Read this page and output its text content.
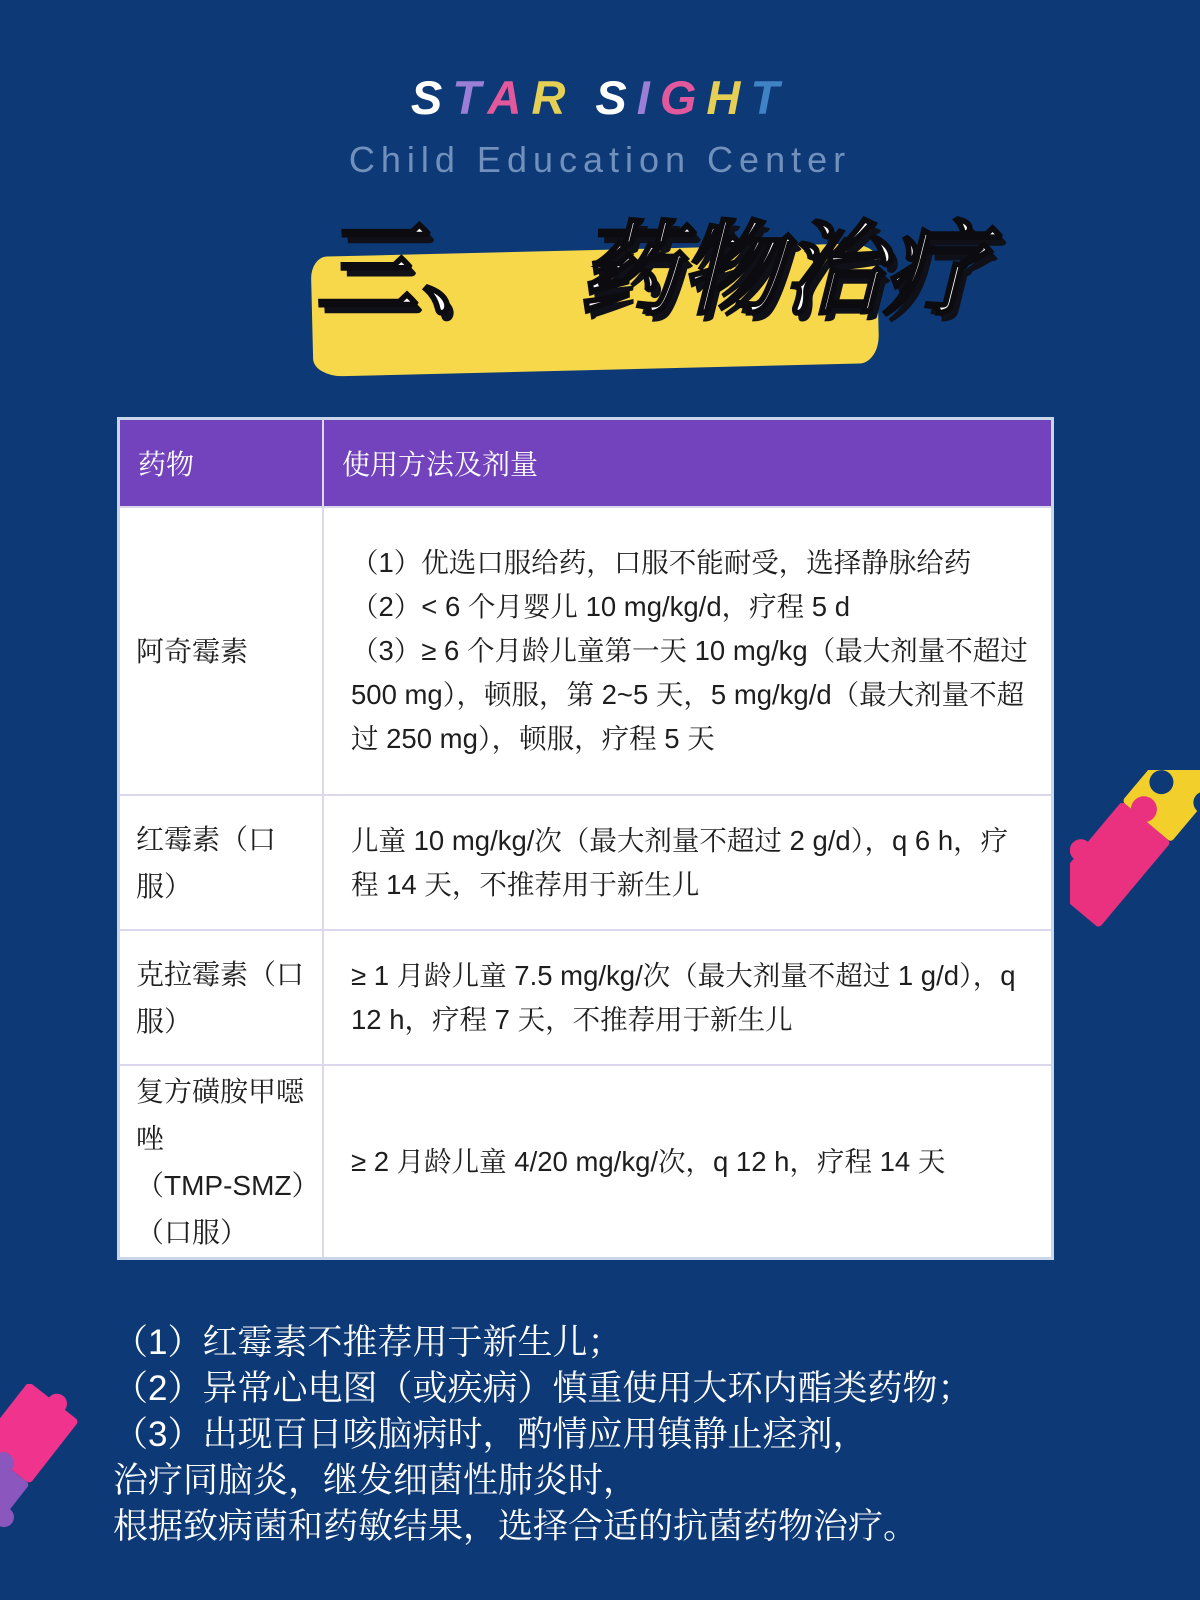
STAR SIGHT
Child Education Center
三、 药物治疗
药物	使用方法及剂量
阿奇霉素

（1）优选口服给药，口服不能耐受，选择静脉给药

（2）< 6 个月婴儿 10 mg/kg/d，疗程 5 d

（3）≥ 6 个月龄儿童第一天 10 mg/kg（最大剂量不超过 500 mg），顿服，第 2~5 天，5 mg/kg/d（最大剂量不超过 250 mg），顿服，疗程 5 天

红霉素（口服）

儿童 10 mg/kg/次（最大剂量不超过 2 g/d），q 6 h，疗程 14 天，不推荐用于新生儿

克拉霉素（口服）

≥ 1 月龄儿童 7.5 mg/kg/次（最大剂量不超过 1 g/d），q 12 h，疗程 7 天，不推荐用于新生儿

复方磺胺甲噁唑
（TMP-SMZ）
（口服）

≥ 2 月龄儿童 4/20 mg/kg/次，q 12 h，疗程 14 天

（1）红霉素不推荐用于新生儿；
（2）异常心电图（或疾病）慎重使用大环内酯类药物；
（3）出现百日咳脑病时，酌情应用镇静止痉剂，
治疗同脑炎，继发细菌性肺炎时，
根据致病菌和药敏结果，选择合适的抗菌药物治疗。
